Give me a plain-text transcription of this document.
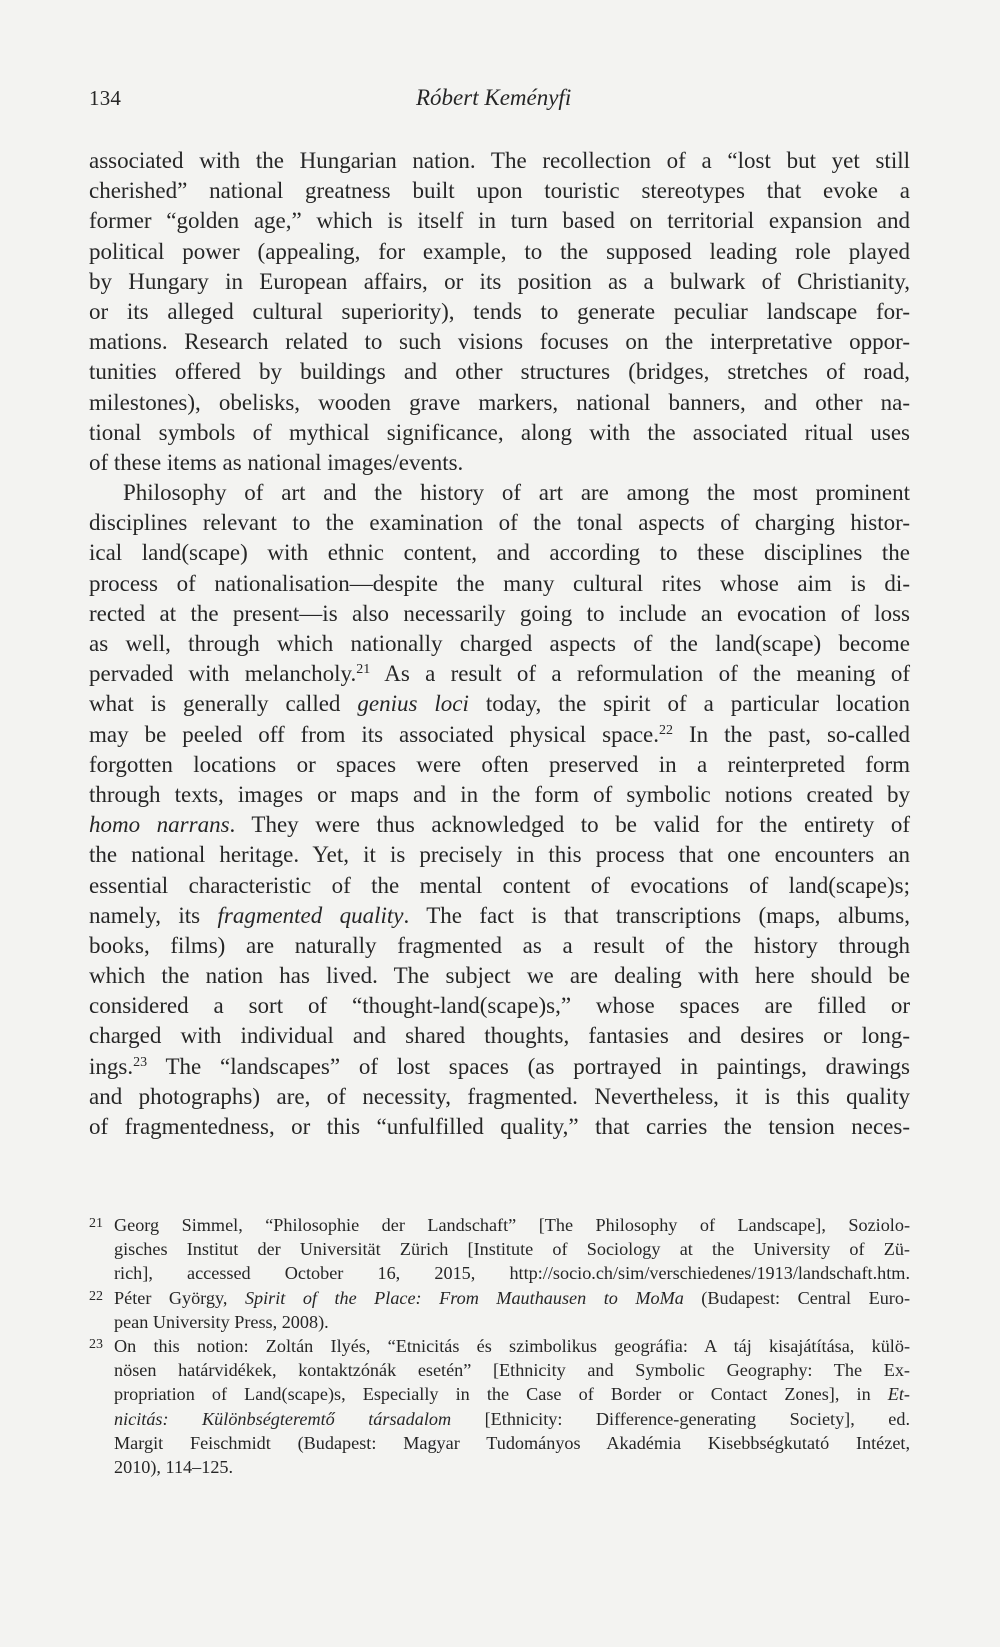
134	Róbert Keményfi
associated with the Hungarian nation. The recollection of a “lost but yet still
cherished” national greatness built upon touristic stereotypes that evoke a
former “golden age,” which is itself in turn based on territorial expansion and
political power (appealing, for example, to the supposed leading role played
by Hungary in European affairs, or its position as a bulwark of Christianity,
or its alleged cultural superiority), tends to generate peculiar landscape for-
mations. Research related to such visions focuses on the interpretative oppor-
tunities offered by buildings and other structures (bridges, stretches of road,
milestones), obelisks, wooden grave markers, national banners, and other na-
tional symbols of mythical significance, along with the associated ritual uses
of these items as national images/events.
Philosophy of art and the history of art are among the most prominent
disciplines relevant to the examination of the tonal aspects of charging histor-
ical land(scape) with ethnic content, and according to these disciplines the
process of nationalisation—despite the many cultural rites whose aim is di-
rected at the present—is also necessarily going to include an evocation of loss
as well, through which nationally charged aspects of the land(scape) become
pervaded with melancholy.$^{21}$ As a result of a reformulation of the meaning of
what is generally called genius loci today, the spirit of a particular location
may be peeled off from its associated physical space.$^{22}$ In the past, so-called
forgotten locations or spaces were often preserved in a reinterpreted form
through texts, images or maps and in the form of symbolic notions created by
homo narrans. They were thus acknowledged to be valid for the entirety of
the national heritage. Yet, it is precisely in this process that one encounters an
essential characteristic of the mental content of evocations of land(scape)s;
namely, its fragmented quality. The fact is that transcriptions (maps, albums,
books, films) are naturally fragmented as a result of the history through
which the nation has lived. The subject we are dealing with here should be
considered a sort of “thought-land(scape)s,” whose spaces are filled or
charged with individual and shared thoughts, fantasies and desires or long-
ings.$^{23}$ The “landscapes” of lost spaces (as portrayed in paintings, drawings
and photographs) are, of necessity, fragmented. Nevertheless, it is this quality
of fragmentedness, or this “unfulfilled quality,” that carries the tension neces-
21 Georg Simmel, “Philosophie der Landschaft” [The Philosophy of Landscape], Soziolo-
gisches Institut der Universität Zürich [Institute of Sociology at the University of Zü-
rich], accessed October 16, 2015, http://socio.ch/sim/verschiedenes/1913/landschaft.htm.
22 Péter György, Spirit of the Place: From Mauthausen to MoMa (Budapest: Central Euro-
pean University Press, 2008).
23 On this notion: Zoltán Ilyés, “Etnicitás és szimbolikus geográfia: A táj kisajátítása, külö-
nösen határvidékek, kontaktzónák esetén” [Ethnicity and Symbolic Geography: The Ex-
propriation of Land(scape)s, Especially in the Case of Border or Contact Zones], in Et-
nicitás: Különbségteremtő társadalom [Ethnicity: Difference-generating Society], ed.
Margit Feischmidt (Budapest: Magyar Tudományos Akadémia Kisebbségkutató Intézet,
2010), 114–125.
